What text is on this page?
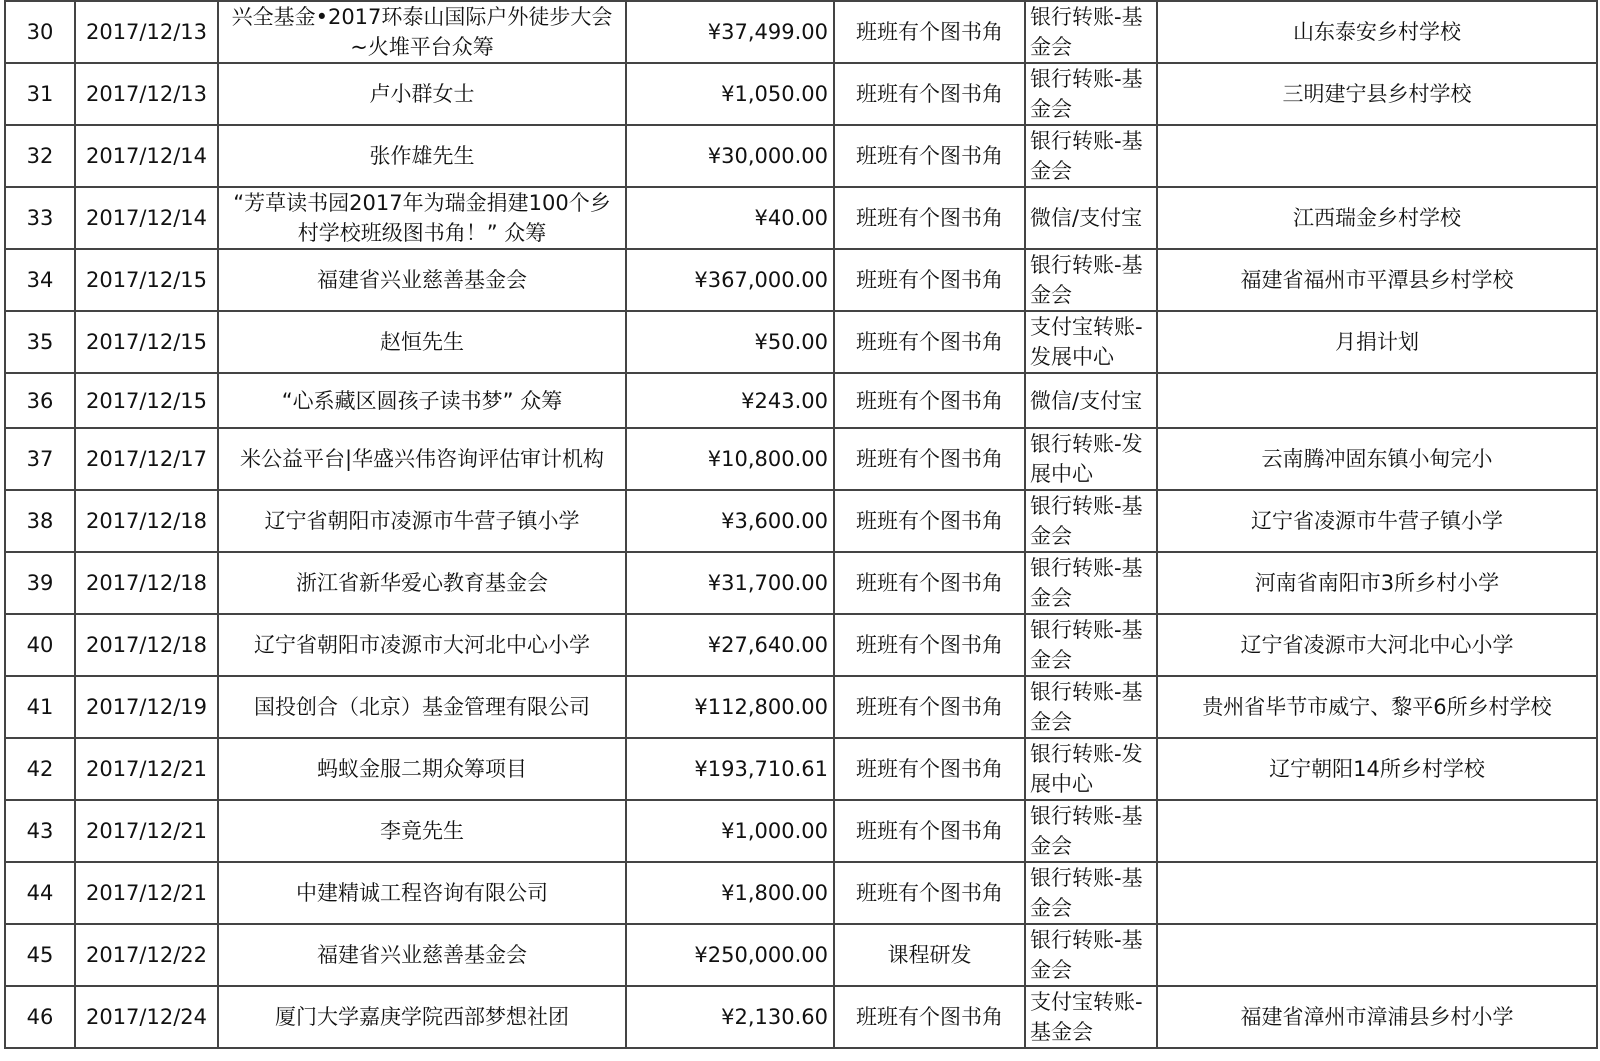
30	2017/12/13	兴全基金•2017环泰山国际户外徒步大会~火堆平台众筹	¥37,499.00	班班有个图书角	银行转账-基金会	山东泰安乡村学校
31	2017/12/13	卢小群女士	¥1,050.00	班班有个图书角	银行转账-基金会	三明建宁县乡村学校
32	2017/12/14	张作雄先生	¥30,000.00	班班有个图书角	银行转账-基金会	
33	2017/12/14	“芳草读书园2017年为瑞金捐建100个乡村学校班级图书角！” 众筹	¥40.00	班班有个图书角	微信/支付宝	江西瑞金乡村学校
34	2017/12/15	福建省兴业慈善基金会	¥367,000.00	班班有个图书角	银行转账-基金会	福建省福州市平潭县乡村学校
35	2017/12/15	赵恒先生	¥50.00	班班有个图书角	支付宝转账-发展中心	月捐计划
36	2017/12/15	“心系藏区圆孩子读书梦” 众筹	¥243.00	班班有个图书角	微信/支付宝	
37	2017/12/17	米公益平台|华盛兴伟咨询评估审计机构	¥10,800.00	班班有个图书角	银行转账-发展中心	云南腾冲固东镇小甸完小
38	2017/12/18	辽宁省朝阳市凌源市牛营子镇小学	¥3,600.00	班班有个图书角	银行转账-基金会	辽宁省凌源市牛营子镇小学
39	2017/12/18	浙江省新华爱心教育基金会	¥31,700.00	班班有个图书角	银行转账-基金会	河南省南阳市3所乡村小学
40	2017/12/18	辽宁省朝阳市凌源市大河北中心小学	¥27,640.00	班班有个图书角	银行转账-基金会	辽宁省凌源市大河北中心小学
41	2017/12/19	国投创合（北京）基金管理有限公司	¥112,800.00	班班有个图书角	银行转账-基金会	贵州省毕节市威宁、黎平6所乡村学校
42	2017/12/21	蚂蚁金服二期众筹项目	¥193,710.61	班班有个图书角	银行转账-发展中心	辽宁朝阳14所乡村学校
43	2017/12/21	李竟先生	¥1,000.00	班班有个图书角	银行转账-基金会	
44	2017/12/21	中建精诚工程咨询有限公司	¥1,800.00	班班有个图书角	银行转账-基金会	
45	2017/12/22	福建省兴业慈善基金会	¥250,000.00	课程研发	银行转账-基金会	
46	2017/12/24	厦门大学嘉庚学院西部梦想社团	¥2,130.60	班班有个图书角	支付宝转账-基金会	福建省漳州市漳浦县乡村小学
